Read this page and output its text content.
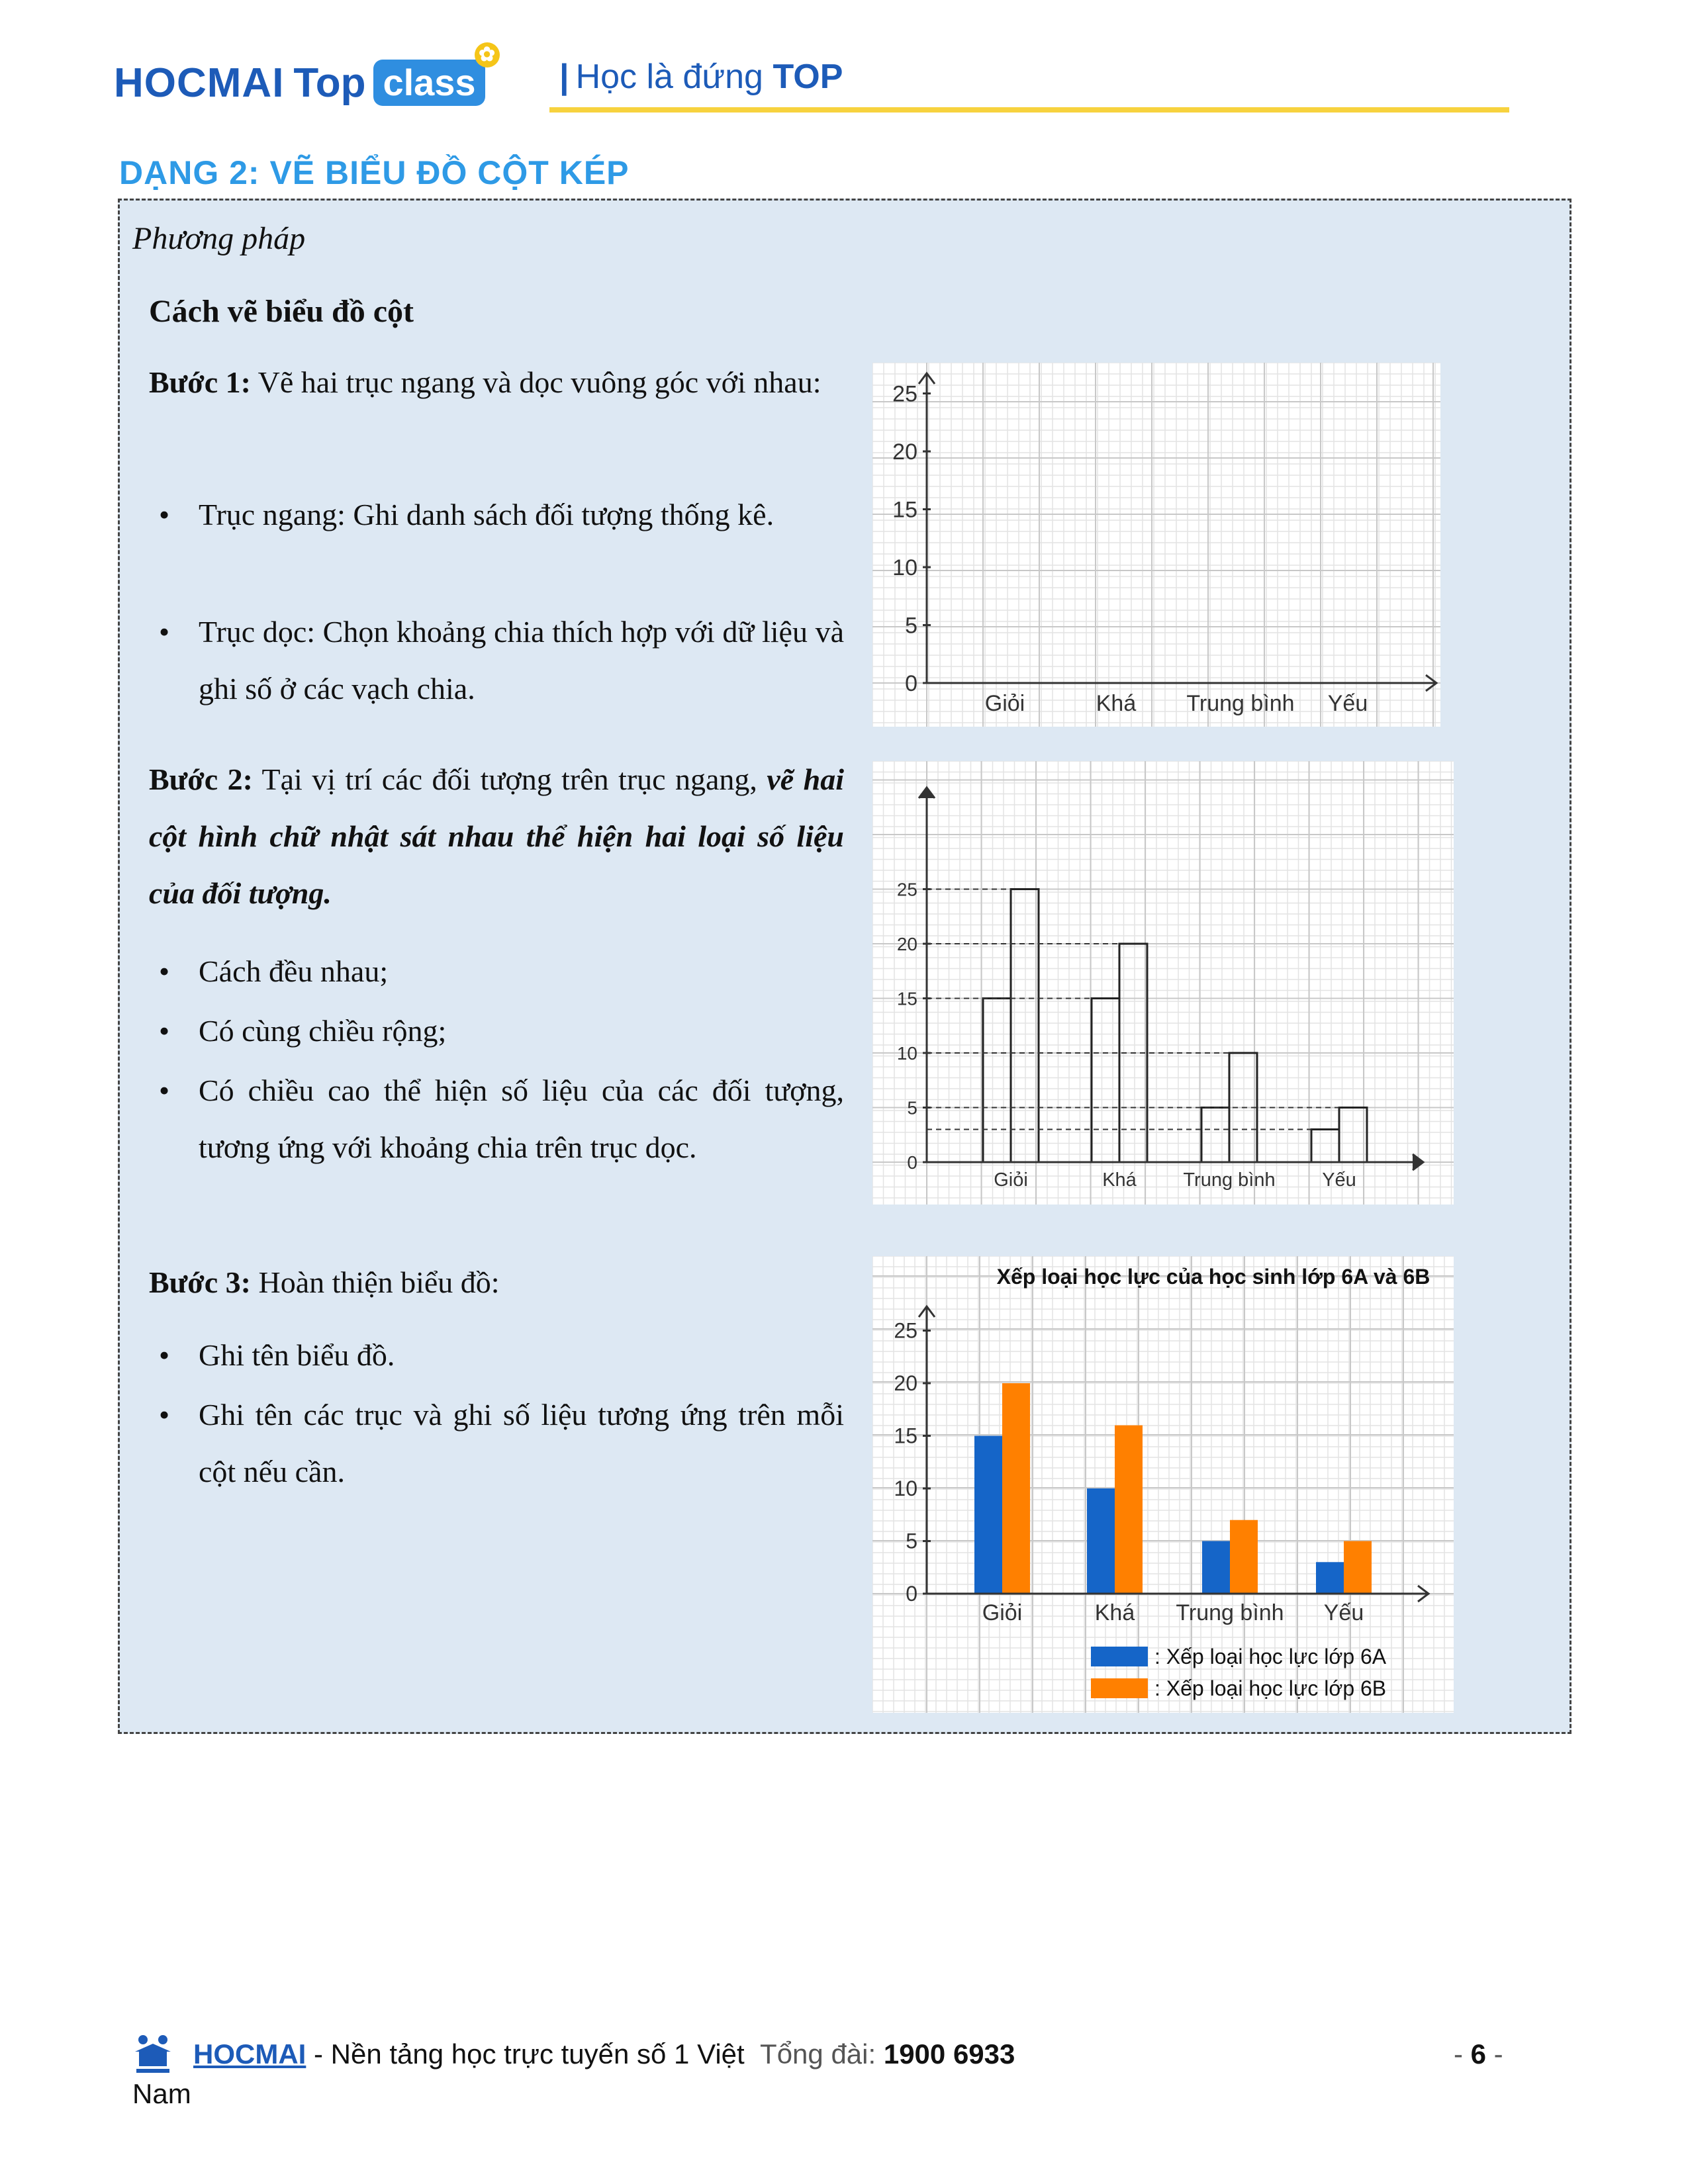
HOCMAI Top class
✿
| Học là đứng TOP
DẠNG 2: VẼ BIỂU ĐỒ CỘT KÉP
Phương pháp
Cách vẽ biểu đồ cột
Bước 1: Vẽ hai trục ngang và dọc vuông góc với nhau:
• Trục ngang: Ghi danh sách đối tượng thống kê.
• Trục dọc: Chọn khoảng chia thích hợp với dữ liệu và ghi số ở các vạch chia.
Bước 2: Tại vị trí các đối tượng trên trục ngang, vẽ hai cột hình chữ nhật sát nhau thể hiện hai loại số liệu của đối tượng.
• Cách đều nhau;
• Có cùng chiều rộng;
• Có chiều cao thể hiện số liệu của các đối tượng, tương ứng với khoảng chia trên trục dọc.
Bước 3: Hoàn thiện biểu đồ:
• Ghi tên biểu đồ.
• Ghi tên các trục và ghi số liệu tương ứng trên mỗi cột nếu cần.
0
5
10
15
20
25
Giỏi	Khá Trung bình Yếu
0
5
10
15
20
25
Giỏi	Khá Trung bình Yếu
Xếp loại học lực của học sinh lớp 6A và 6B
0
5
10
15
20
25
Giỏi	Khá Trung bình Yếu
: Xếp loại học lực lớp 6A
: Xếp loại học lực lớp 6B
HOCMAI - Nền tảng học trực tuyến số 1 Việt Tổng đài: 1900 6933	- 6 -
Nam
